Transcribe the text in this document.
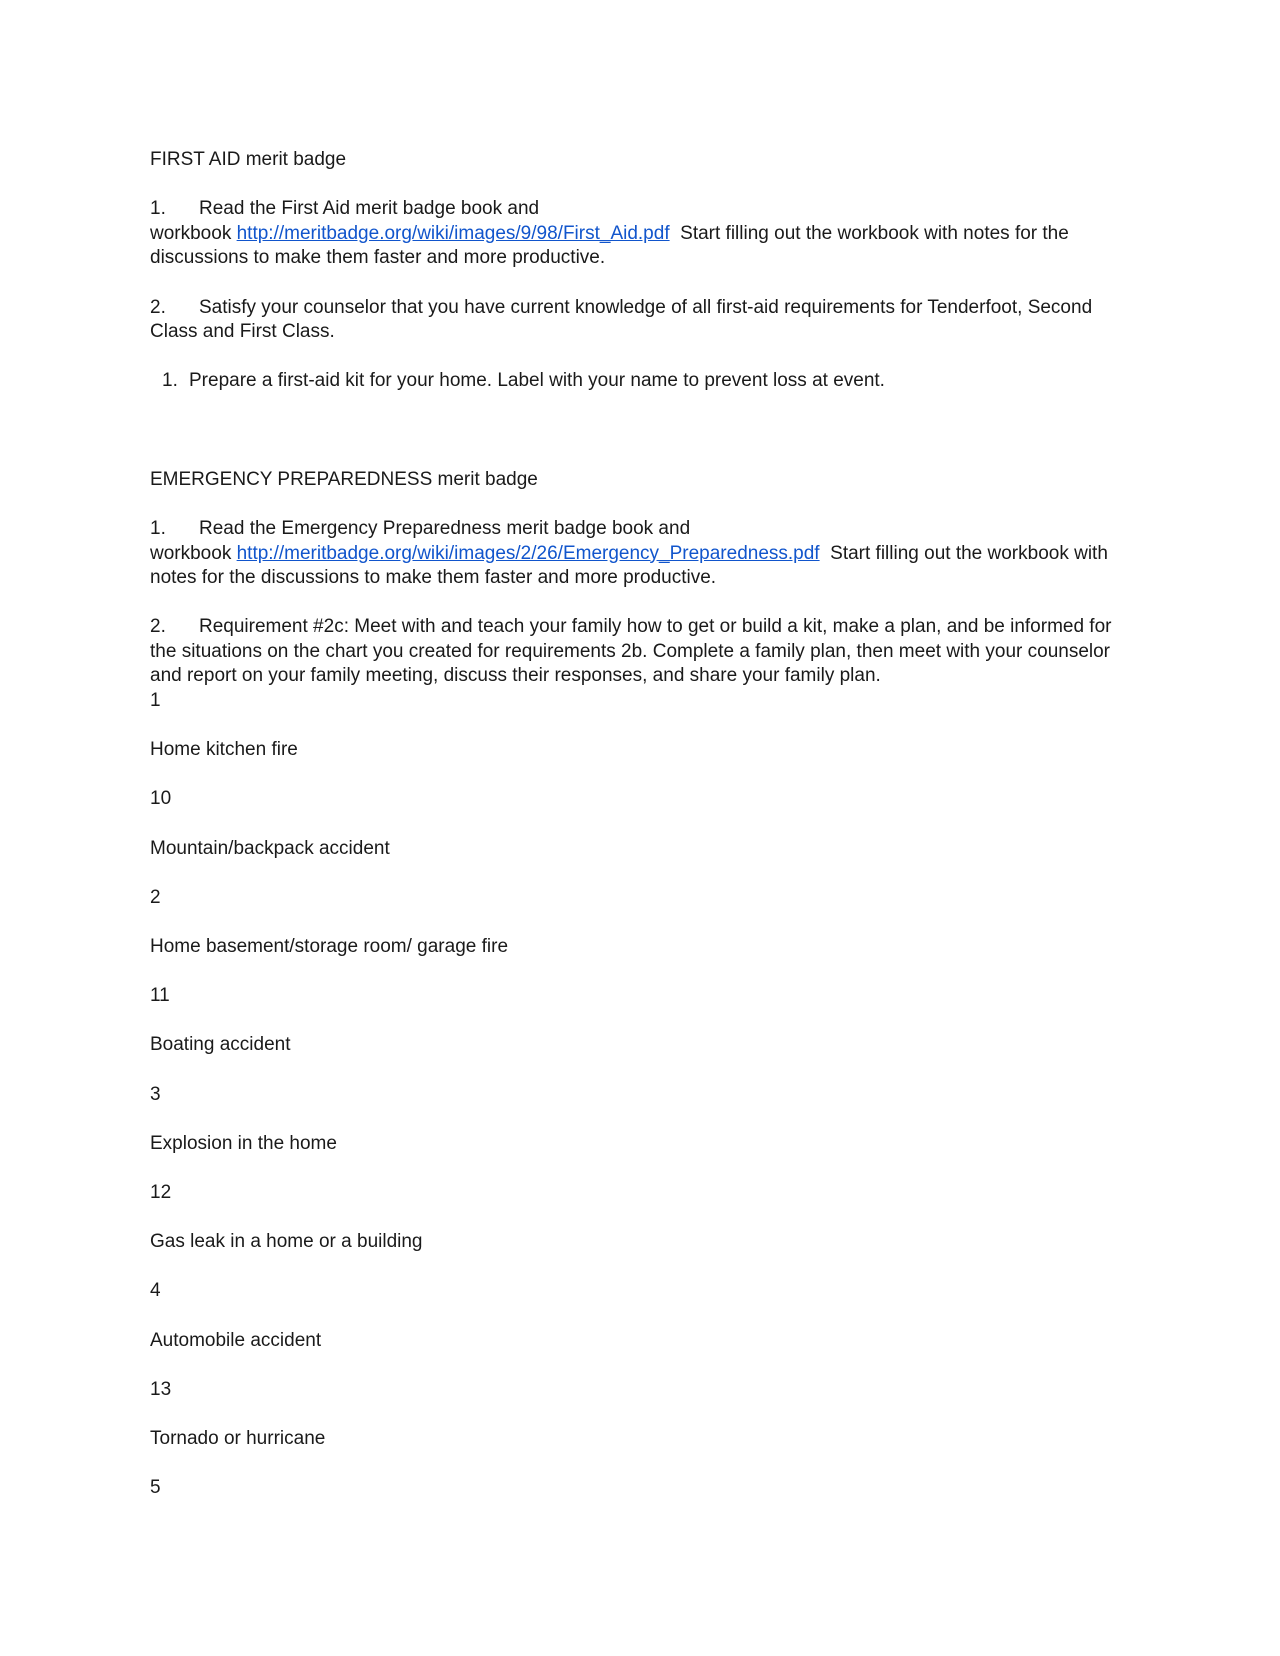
FIRST AID merit badge

1. Read the First Aid merit badge book and
workbook http://meritbadge.org/wiki/images/9/98/First_Aid.pdf Start filling out the workbook with notes for the discussions to make them faster and more productive.

2. Satisfy your counselor that you have current knowledge of all first-aid requirements for Tenderfoot, Second Class and First Class.

1. Prepare a first-aid kit for your home. Label with your name to prevent loss at event.

EMERGENCY PREPAREDNESS merit badge

1. Read the Emergency Preparedness merit badge book and
workbook http://meritbadge.org/wiki/images/2/26/Emergency_Preparedness.pdf Start filling out the workbook with notes for the discussions to make them faster and more productive.

2. Requirement #2c: Meet with and teach your family how to get or build a kit, make a plan, and be informed for the situations on the chart you created for requirements 2b. Complete a family plan, then meet with your counselor and report on your family meeting, discuss their responses, and share your family plan.

1

Home kitchen fire

10

Mountain/backpack accident

2

Home basement/storage room/ garage fire

11

Boating accident

3

Explosion in the home

12

Gas leak in a home or a building

4

Automobile accident

13

Tornado or hurricane

5
